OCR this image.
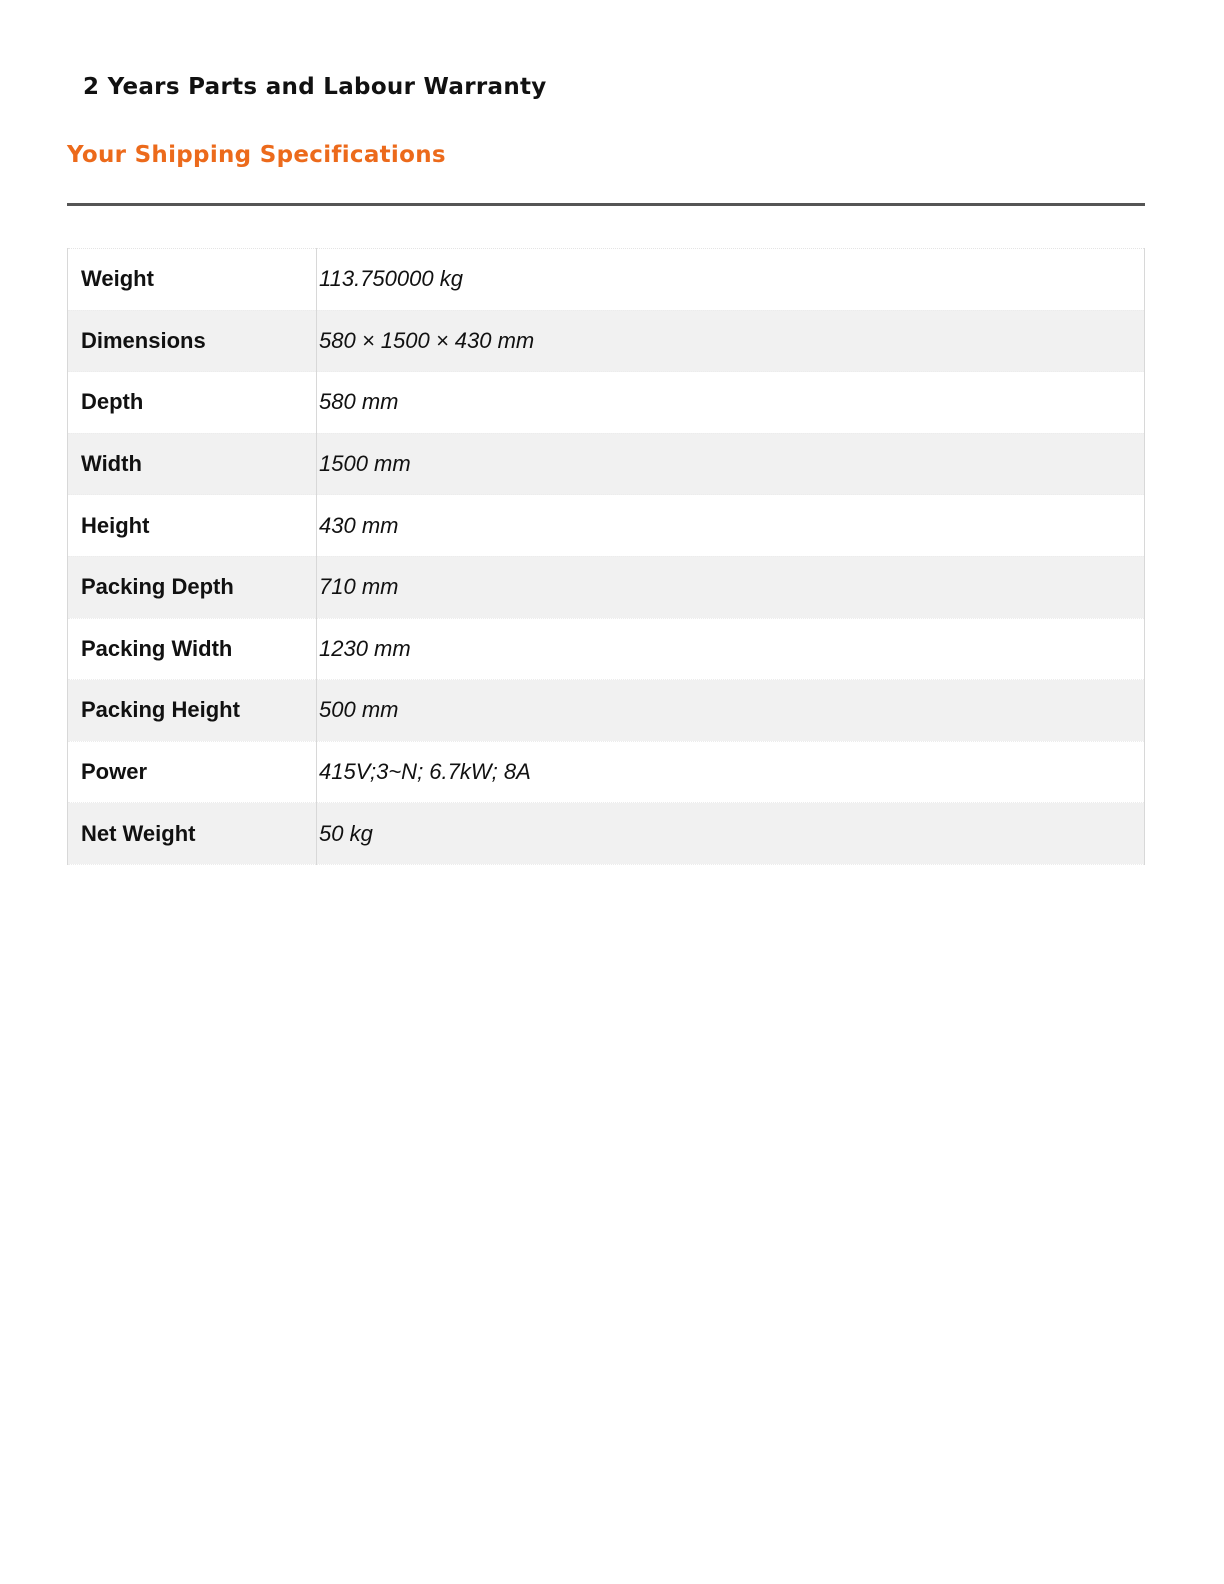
2 Years Parts and Labour Warranty
Your Shipping Specifications
Weight	113.750000 kg
Dimensions	580 × 1500 × 430 mm
Depth	580 mm
Width	1500 mm
Height	430 mm
Packing Depth	710 mm
Packing Width	1230 mm
Packing Height	500 mm
Power	415V;3~N; 6.7kW; 8A
Net Weight	50 kg
